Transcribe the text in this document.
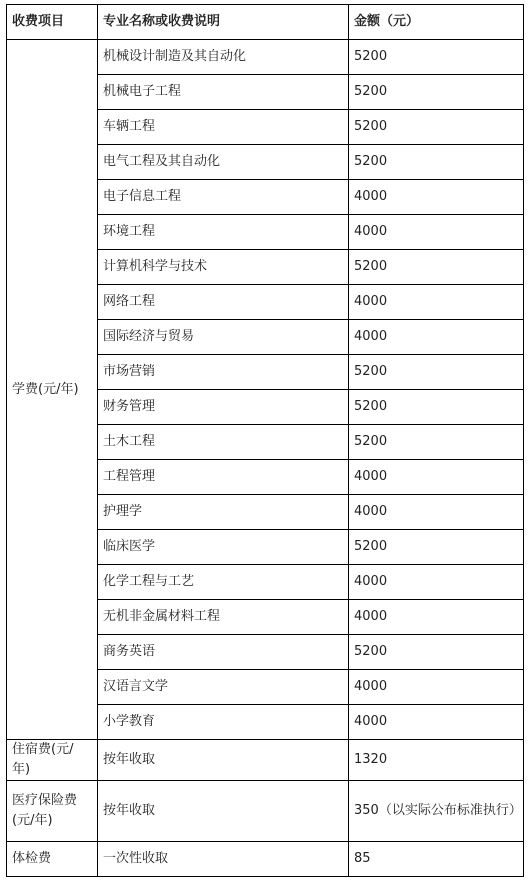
收费项目	专业名称或收费说明	金额（元）
学费(元/年)	机械设计制造及其自动化	5200
	机械电子工程	5200
	车辆工程	5200
	电气工程及其自动化	5200
	电子信息工程	4000
	环境工程	4000
	计算机科学与技术	5200
	网络工程	4000
	国际经济与贸易	4000
	市场营销	5200
	财务管理	5200
	土木工程	5200
	工程管理	4000
	护理学	4000
	临床医学	5200
	化学工程与工艺	4000
	无机非金属材料工程	4000
	商务英语	5200
	汉语言文学	4000
	小学教育	4000
住宿费(元/年)	按年收取	1320
医疗保险费(元/年)	按年收取	350（以实际公布标准执行）
体检费	一次性收取	85
